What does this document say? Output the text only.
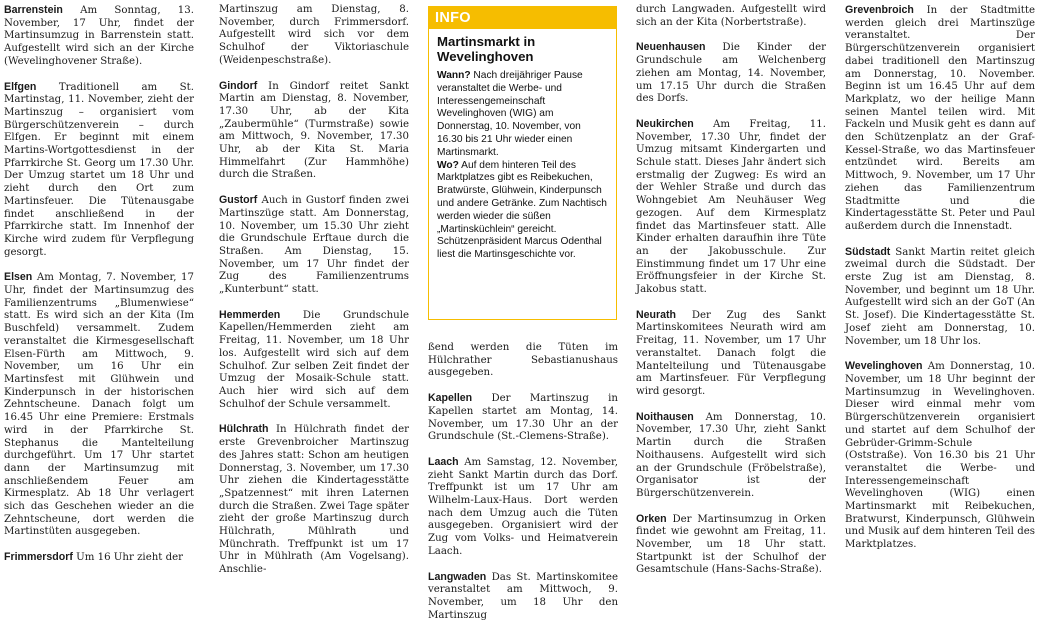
Barrenstein Am Sonntag, 13. November, 17 Uhr, findet der Martinsumzug in Barrenstein statt. Aufgestellt wird sich an der Kirche (Wevelinghovener Straße).

Elfgen Traditionell am St. Martinstag, 11. November, zieht der Martinszug – organisiert vom Bürgerschützenverein – durch Elfgen. Er beginnt mit einem Martins-Wortgottesdienst in der Pfarrkirche St. Georg um 17.30 Uhr. Der Umzug startet um 18 Uhr und zieht durch den Ort zum Martinsfeuer. Die Tütenausgabe findet anschließend in der Pfarrkirche statt. Im Innenhof der Kirche wird zudem für Verpflegung gesorgt.

Elsen Am Montag, 7. November, 17 Uhr, findet der Martinsumzug des Familienzentrums „Blumenwiese“ statt. Es wird sich an der Kita (Im Buschfeld) versammelt. Zudem veranstaltet die Kirmesgesellschaft Elsen-Fürth am Mittwoch, 9. November, um 16 Uhr ein Martinsfest mit Glühwein und Kinderpunsch in der historischen Zehntscheune. Danach folgt um 16.45 Uhr eine Premiere: Erstmals wird in der Pfarrkirche St. Stephanus die Mantelteilung durchgeführt. Um 17 Uhr startet dann der Martinsumzug mit anschließendem Feuer am Kirmesplatz. Ab 18 Uhr verlagert sich das Geschehen wieder an die Zehntscheune, dort werden die Martinstüten ausgegeben.

Frimmersdorf Um 16 Uhr zieht der

Martinszug am Dienstag, 8. November, durch Frimmersdorf. Aufgestellt wird sich vor dem Schulhof der Viktoriaschule (Weidenpeschstraße).

Gindorf In Gindorf reitet Sankt Martin am Dienstag, 8. November, 17.30 Uhr, ab der Kita „Zaubermühle“ (Turmstraße) sowie am Mittwoch, 9. November, 17.30 Uhr, ab der Kita St. Maria Himmelfahrt (Zur Hammhöhe) durch die Straßen.

Gustorf Auch in Gustorf finden zwei Martinszüge statt. Am Donnerstag, 10. November, um 15.30 Uhr zieht die Grundschule Erftaue durch die Straßen. Am Dienstag, 15. November, um 17 Uhr findet der Zug des Familienzentrums „Kunterbunt“ statt.

Hemmerden Die Grundschule Kapellen/Hemmerden zieht am Freitag, 11. November, um 18 Uhr los. Aufgestellt wird sich auf dem Schulhof. Zur selben Zeit findet der Umzug der Mosaik-Schule statt. Auch hier wird sich auf dem Schulhof der Schule versammelt.

Hülchrath In Hülchrath findet der erste Grevenbroicher Martinszug des Jahres statt: Schon am heutigen Donnerstag, 3. November, um 17.30 Uhr ziehen die Kindertagesstätte „Spatzennest“ mit ihren Laternen durch die Straßen. Zwei Tage später zieht der große Martinszug durch Hülchrath, Mühlrath und Münchrath. Treffpunkt ist um 17 Uhr in Mühlrath (Am Vogelsang). Anschlie-

INFO
Martinsmarkt in Wevelinghoven
Wann? Nach dreijähriger Pause veranstaltet die Werbe- und Interessengemeinschaft Wevelinghoven (WIG) am Donnerstag, 10. November, von 16.30 bis 21 Uhr wieder einen Martinsmarkt.
Wo? Auf dem hinteren Teil des Marktplatzes gibt es Reibekuchen, Bratwürste, Glühwein, Kinderpunsch und andere Getränke. Zum Nachtisch werden wieder die süßen „Martinsküchlein“ gereicht. Schützenpräsident Marcus Odenthal liest die Martinsgeschichte vor.

ßend werden die Tüten im Hülchrather Sebastianushaus ausgegeben.

Kapellen Der Martinszug in Kapellen startet am Montag, 14. November, um 17.30 Uhr an der Grundschule (St.-Clemens-Straße).

Laach Am Samstag, 12. November, zieht Sankt Martin durch das Dorf. Treffpunkt ist um 17 Uhr am Wilhelm-Laux-Haus. Dort werden nach dem Umzug auch die Tüten ausgegeben. Organisiert wird der Zug vom Volks- und Heimatverein Laach.

Langwaden Das St. Martinskomitee veranstaltet am Mittwoch, 9. November, um 18 Uhr den Martinszug

durch Langwaden. Aufgestellt wird sich an der Kita (Norbertstraße).

Neuenhausen Die Kinder der Grundschule am Welchenberg ziehen am Montag, 14. November, um 17.15 Uhr durch die Straßen des Dorfs.

Neukirchen Am Freitag, 11. November, 17.30 Uhr, findet der Umzug mitsamt Kindergarten und Schule statt. Dieses Jahr ändert sich erstmalig der Zugweg: Es wird an der Wehler Straße und durch das Wohngebiet Am Neuhäuser Weg gezogen. Auf dem Kirmesplatz findet das Martinsfeuer statt. Alle Kinder erhalten daraufhin ihre Tüte an der Jakobusschule. Zur Einstimmung findet um 17 Uhr eine Eröffnungsfeier in der Kirche St. Jakobus statt.

Neurath Der Zug des Sankt Martinskomitees Neurath wird am Freitag, 11. November, um 17 Uhr veranstaltet. Danach folgt die Mantelteilung und Tütenausgabe am Martinsfeuer. Für Verpflegung wird gesorgt.

Noithausen Am Donnerstag, 10. November, 17.30 Uhr, zieht Sankt Martin durch die Straßen Noithausens. Aufgestellt wird sich an der Grundschule (Fröbelstraße), Organisator ist der Bürgerschützenverein.

Orken Der Martinsumzug in Orken findet wie gewohnt am Freitag, 11. November, um 18 Uhr statt. Startpunkt ist der Schulhof der Gesamtschule (Hans-Sachs-Straße).

Grevenbroich In der Stadtmitte werden gleich drei Martinszüge veranstaltet. Der Bürgerschützenverein organisiert dabei traditionell den Martinszug am Donnerstag, 10. November. Beginn ist um 16.45 Uhr auf dem Markplatz, wo der heilige Mann seinen Mantel teilen wird. Mit Fackeln und Musik geht es dann auf den Schützenplatz an der Graf-Kessel-Straße, wo das Martinsfeuer entzündet wird. Bereits am Mittwoch, 9. November, um 17 Uhr ziehen das Familienzentrum Stadtmitte und die Kindertagesstätte St. Peter und Paul außerdem durch die Innenstadt.

Südstadt Sankt Martin reitet gleich zweimal durch die Südstadt. Der erste Zug ist am Dienstag, 8. November, und beginnt um 18 Uhr. Aufgestellt wird sich an der GoT (An St. Josef). Die Kindertagesstätte St. Josef zieht am Donnerstag, 10. November, um 18 Uhr los.

Wevelinghoven Am Donnerstag, 10. November, um 18 Uhr beginnt der Martinsumzug in Wevelinghoven. Dieser wird einmal mehr vom Bürgerschützenverein organisiert und startet auf dem Schulhof der Gebrüder-Grimm-Schule (Oststraße). Von 16.30 bis 21 Uhr veranstaltet die Werbe- und Interessengemeinschaft Wevelinghoven (WIG) einen Martinsmarkt mit Reibekuchen, Bratwurst, Kinderpunsch, Glühwein und Musik auf dem hinteren Teil des Marktplatzes.
